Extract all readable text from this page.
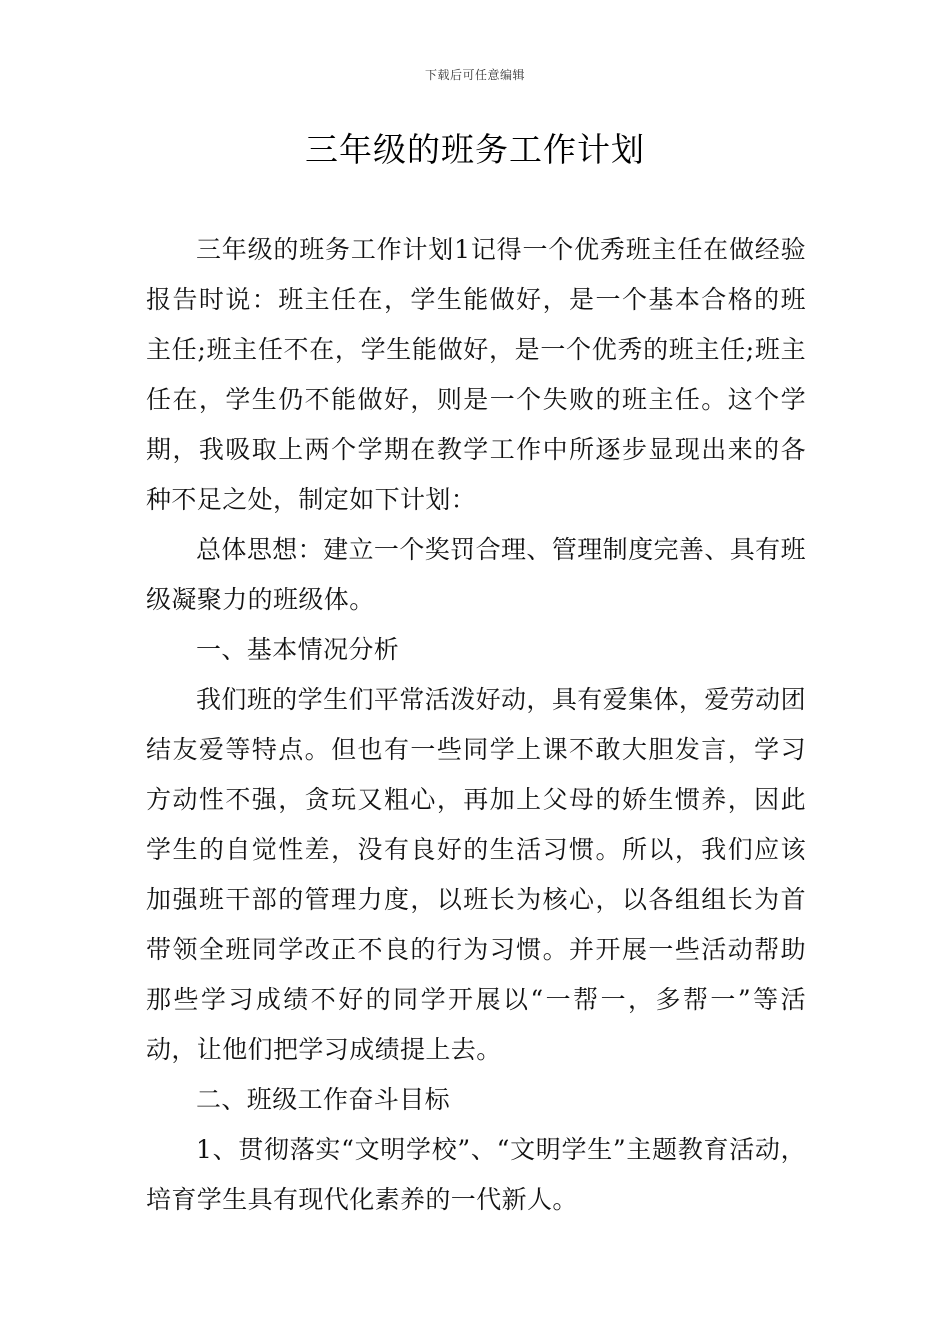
下载后可任意编辑
三年级的班务工作计划

三年级的班务工作计划1记得一个优秀班主任在做经验报告时说：班主任在，学生能做好，是一个基本合格的班主任;班主任不在，学生能做好，是一个优秀的班主任;班主任在，学生仍不能做好，则是一个失败的班主任。这个学期，我吸取上两个学期在教学工作中所逐步显现出来的各种不足之处，制定如下计划：

总体思想：建立一个奖罚合理、管理制度完善、具有班级凝聚力的班级体。

一、基本情况分析

我们班的学生们平常活泼好动，具有爱集体，爱劳动团结友爱等特点。但也有一些同学上课不敢大胆发言，学习方动性不强，贪玩又粗心，再加上父母的娇生惯养，因此学生的自觉性差，没有良好的生活习惯。所以，我们应该加强班干部的管理力度，以班长为核心，以各组组长为首带领全班同学改正不良的行为习惯。并开展一些活动帮助那些学习成绩不好的同学开展以“一帮一，多帮一”等活动，让他们把学习成绩提上去。

二、班级工作奋斗目标

1、贯彻落实“文明学校”、“文明学生”主题教育活动，培育学生具有现代化素养的一代新人。
